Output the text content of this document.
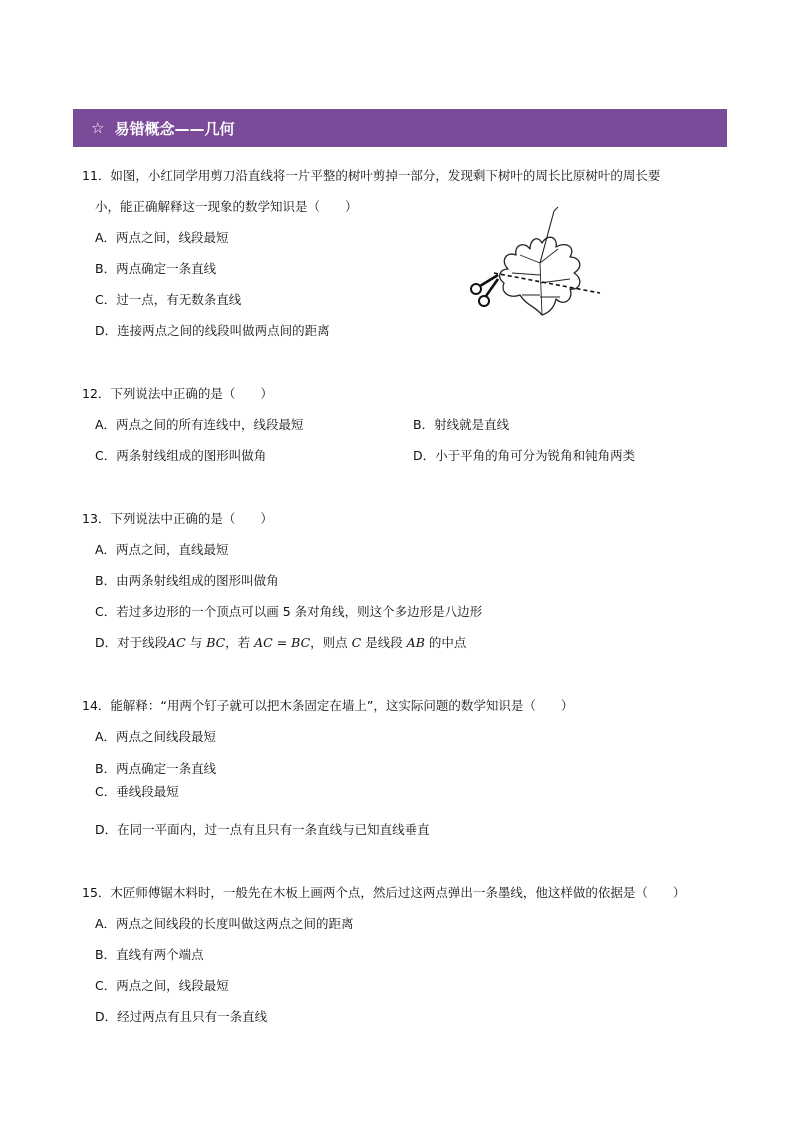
☆ 易错概念——几何
11．如图，小红同学用剪刀沿直线将一片平整的树叶剪掉一部分，发现剩下树叶的周长比原树叶的周长要
小，能正确解释这一现象的数学知识是（　　）
A．两点之间，线段最短
B．两点确定一条直线
C．过一点，有无数条直线
D．连接两点之间的线段叫做两点间的距离
12．下列说法中正确的是（　　）
A．两点之间的所有连线中，线段最短	B．射线就是直线
C．两条射线组成的图形叫做角	D．小于平角的角可分为锐角和钝角两类
13．下列说法中正确的是（　　）
A．两点之间，直线最短
B．由两条射线组成的图形叫做角
C．若过多边形的一个顶点可以画 5 条对角线，则这个多边形是八边形
D．对于线段AC 与 BC，若 AC = BC，则点 C 是线段 AB 的中点
14．能解释：“用两个钉子就可以把木条固定在墙上”，这实际问题的数学知识是（　　）
A．两点之间线段最短
B．两点确定一条直线
C．垂线段最短
D．在同一平面内，过一点有且只有一条直线与已知直线垂直
15．木匠师傅锯木料时，一般先在木板上画两个点，然后过这两点弹出一条墨线，他这样做的依据是（　　）
A．两点之间线段的长度叫做这两点之间的距离
B．直线有两个端点
C．两点之间，线段最短
D．经过两点有且只有一条直线
